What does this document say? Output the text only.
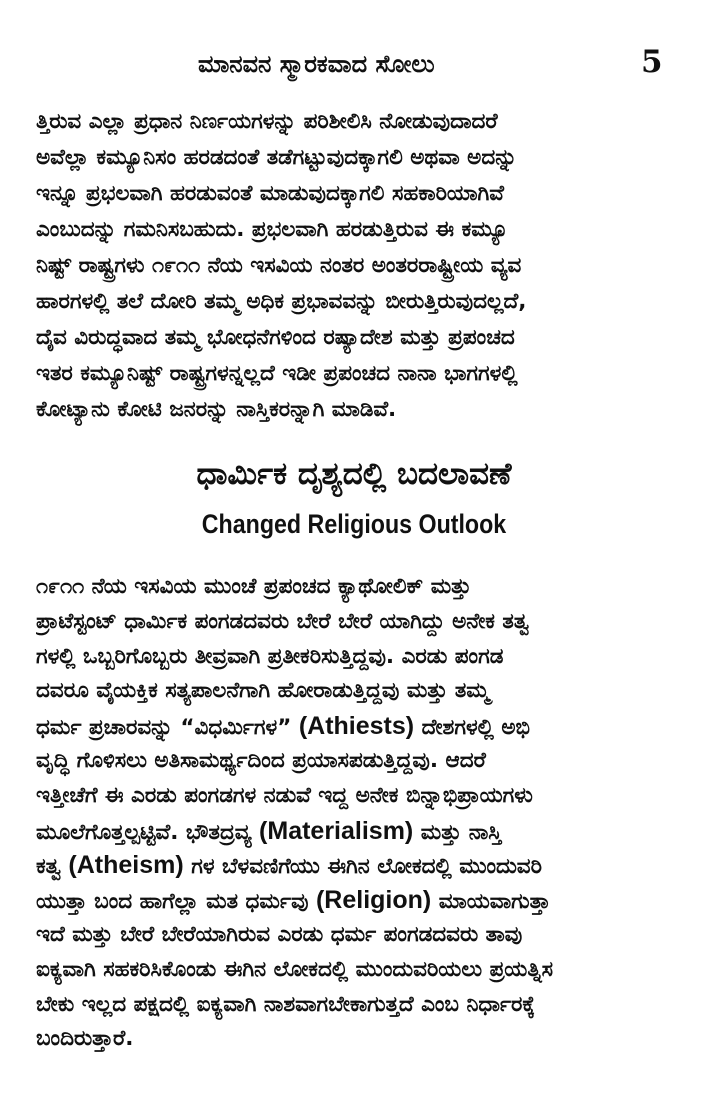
ಮಾನವನ ಸ್ಮಾರಕವಾದ ಸೋಲು	5
ತ್ತಿರುವ ಎಲ್ಲಾ ಪ್ರಧಾನ ನಿರ್ಣಯಗಳನ್ನು ಪರಿಶೀಲಿಸಿ ನೋಡುವುದಾದರೆ
ಅವೆಲ್ಲಾ ಕಮ್ಯೂನಿಸಂ ಹರಡದಂತೆ ತಡೆಗಟ್ಟುವುದಕ್ಕಾಗಲಿ ಅಥವಾ ಅದನ್ನು
ಇನ್ನೂ ಪ್ರಭಲವಾಗಿ ಹರಡುವಂತೆ ಮಾಡುವುದಕ್ಕಾಗಲಿ ಸಹಕಾರಿಯಾಗಿವೆ
ಎಂಬುದನ್ನು ಗಮನಿಸಬಹುದು. ಪ್ರಭಲವಾಗಿ ಹರಡುತ್ತಿರುವ ಈ ಕಮ್ಯೂ
ನಿಷ್ಟ್ ರಾಷ್ಟ್ರಗಳು ೧೯೧೧ ನೆಯ ಇಸವಿಯ ನಂತರ ಅಂತರರಾಷ್ಟ್ರೀಯ ವ್ಯವ
ಹಾರಗಳಲ್ಲಿ ತಲೆ ದೋರಿ ತಮ್ಮ ಅಧಿಕ ಪ್ರಭಾವವನ್ನು ಬೀರುತ್ತಿರುವುದಲ್ಲದೆ,
ದೈವ ವಿರುದ್ಧವಾದ ತಮ್ಮ ಭೋಧನೆಗಳಿಂದ ರಷ್ಯಾದೇಶ ಮತ್ತು ಪ್ರಪಂಚದ
ಇತರ ಕಮ್ಯೂನಿಷ್ಟ್ ರಾಷ್ಟ್ರಗಳನ್ನಲ್ಲದೆ ಇಡೀ ಪ್ರಪಂಚದ ನಾನಾ ಭಾಗಗಳಲ್ಲಿ
ಕೋಟ್ಯಾನು ಕೋಟಿ ಜನರನ್ನು ನಾಸ್ತಿಕರನ್ನಾಗಿ ಮಾಡಿವೆ.
ಧಾರ್ಮಿಕ ದೃಶ್ಯದಲ್ಲಿ ಬದಲಾವಣೆ
Changed Religious Outlook
೧೯೧೧ ನೆಯ ಇಸವಿಯ ಮುಂಚೆ ಪ್ರಪಂಚದ ಕ್ಯಾಥೋಲಿಕ್ ಮತ್ತು
ಪ್ರಾಟೆಸ್ಟಂಟ್ ಧಾರ್ಮಿಕ ಪಂಗಡದವರು ಬೇರೆ ಬೇರೆ ಯಾಗಿದ್ದು ಅನೇಕ ತತ್ವ
ಗಳಲ್ಲಿ ಒಬ್ಬರಿಗೊಬ್ಬರು ತೀವ್ರವಾಗಿ ಪ್ರತೀಕರಿಸುತ್ತಿದ್ದವು. ಎರಡು ಪಂಗಡ
ದವರೂ ವೈಯಕ್ತಿಕ ಸತ್ಯಪಾಲನೆಗಾಗಿ ಹೋರಾಡುತ್ತಿದ್ದವು ಮತ್ತು ತಮ್ಮ
ಧರ್ಮ ಪ್ರಚಾರವನ್ನು “ವಿಧರ್ಮಿಗಳ” (Athiests) ದೇಶಗಳಲ್ಲಿ ಅಭಿ
ವೃದ್ಧಿ ಗೊಳಿಸಲು ಅತಿಸಾಮರ್ಥ್ಯದಿಂದ ಪ್ರಯಾಸಪಡುತ್ತಿದ್ದವು. ಆದರೆ
ಇತ್ತೀಚೆಗೆ ಈ ಎರಡು ಪಂಗಡಗಳ ನಡುವೆ ಇದ್ದ ಅನೇಕ ಬಿನ್ನಾಭಿಪ್ರಾಯಗಳು
ಮೂಲೆಗೊತ್ತಲ್ಪಟ್ಟಿವೆ. ಭೌತದ್ರವ್ಯ (Materialism) ಮತ್ತು ನಾಸ್ತಿ
ಕತ್ವ (Atheism) ಗಳ ಬೆಳವಣಿಗೆಯು ಈಗಿನ ಲೋಕದಲ್ಲಿ ಮುಂದುವರಿ
ಯುತ್ತಾ ಬಂದ ಹಾಗೆಲ್ಲಾ ಮತ ಧರ್ಮವು (Religion) ಮಾಯವಾಗುತ್ತಾ
ಇದೆ ಮತ್ತು ಬೇರೆ ಬೇರೆಯಾಗಿರುವ ಎರಡು ಧರ್ಮ ಪಂಗಡದವರು ತಾವು
ಐಕ್ಯವಾಗಿ ಸಹಕರಿಸಿಕೊಂಡು ಈಗಿನ ಲೋಕದಲ್ಲಿ ಮುಂದುವರಿಯಲು ಪ್ರಯತ್ನಿಸ
ಬೇಕು ಇಲ್ಲದ ಪಕ್ಷದಲ್ಲಿ ಐಕ್ಯವಾಗಿ ನಾಶವಾಗಬೇಕಾಗುತ್ತದೆ ಎಂಬ ನಿರ್ಧಾರಕ್ಕೆ
ಬಂದಿರುತ್ತಾರೆ.
